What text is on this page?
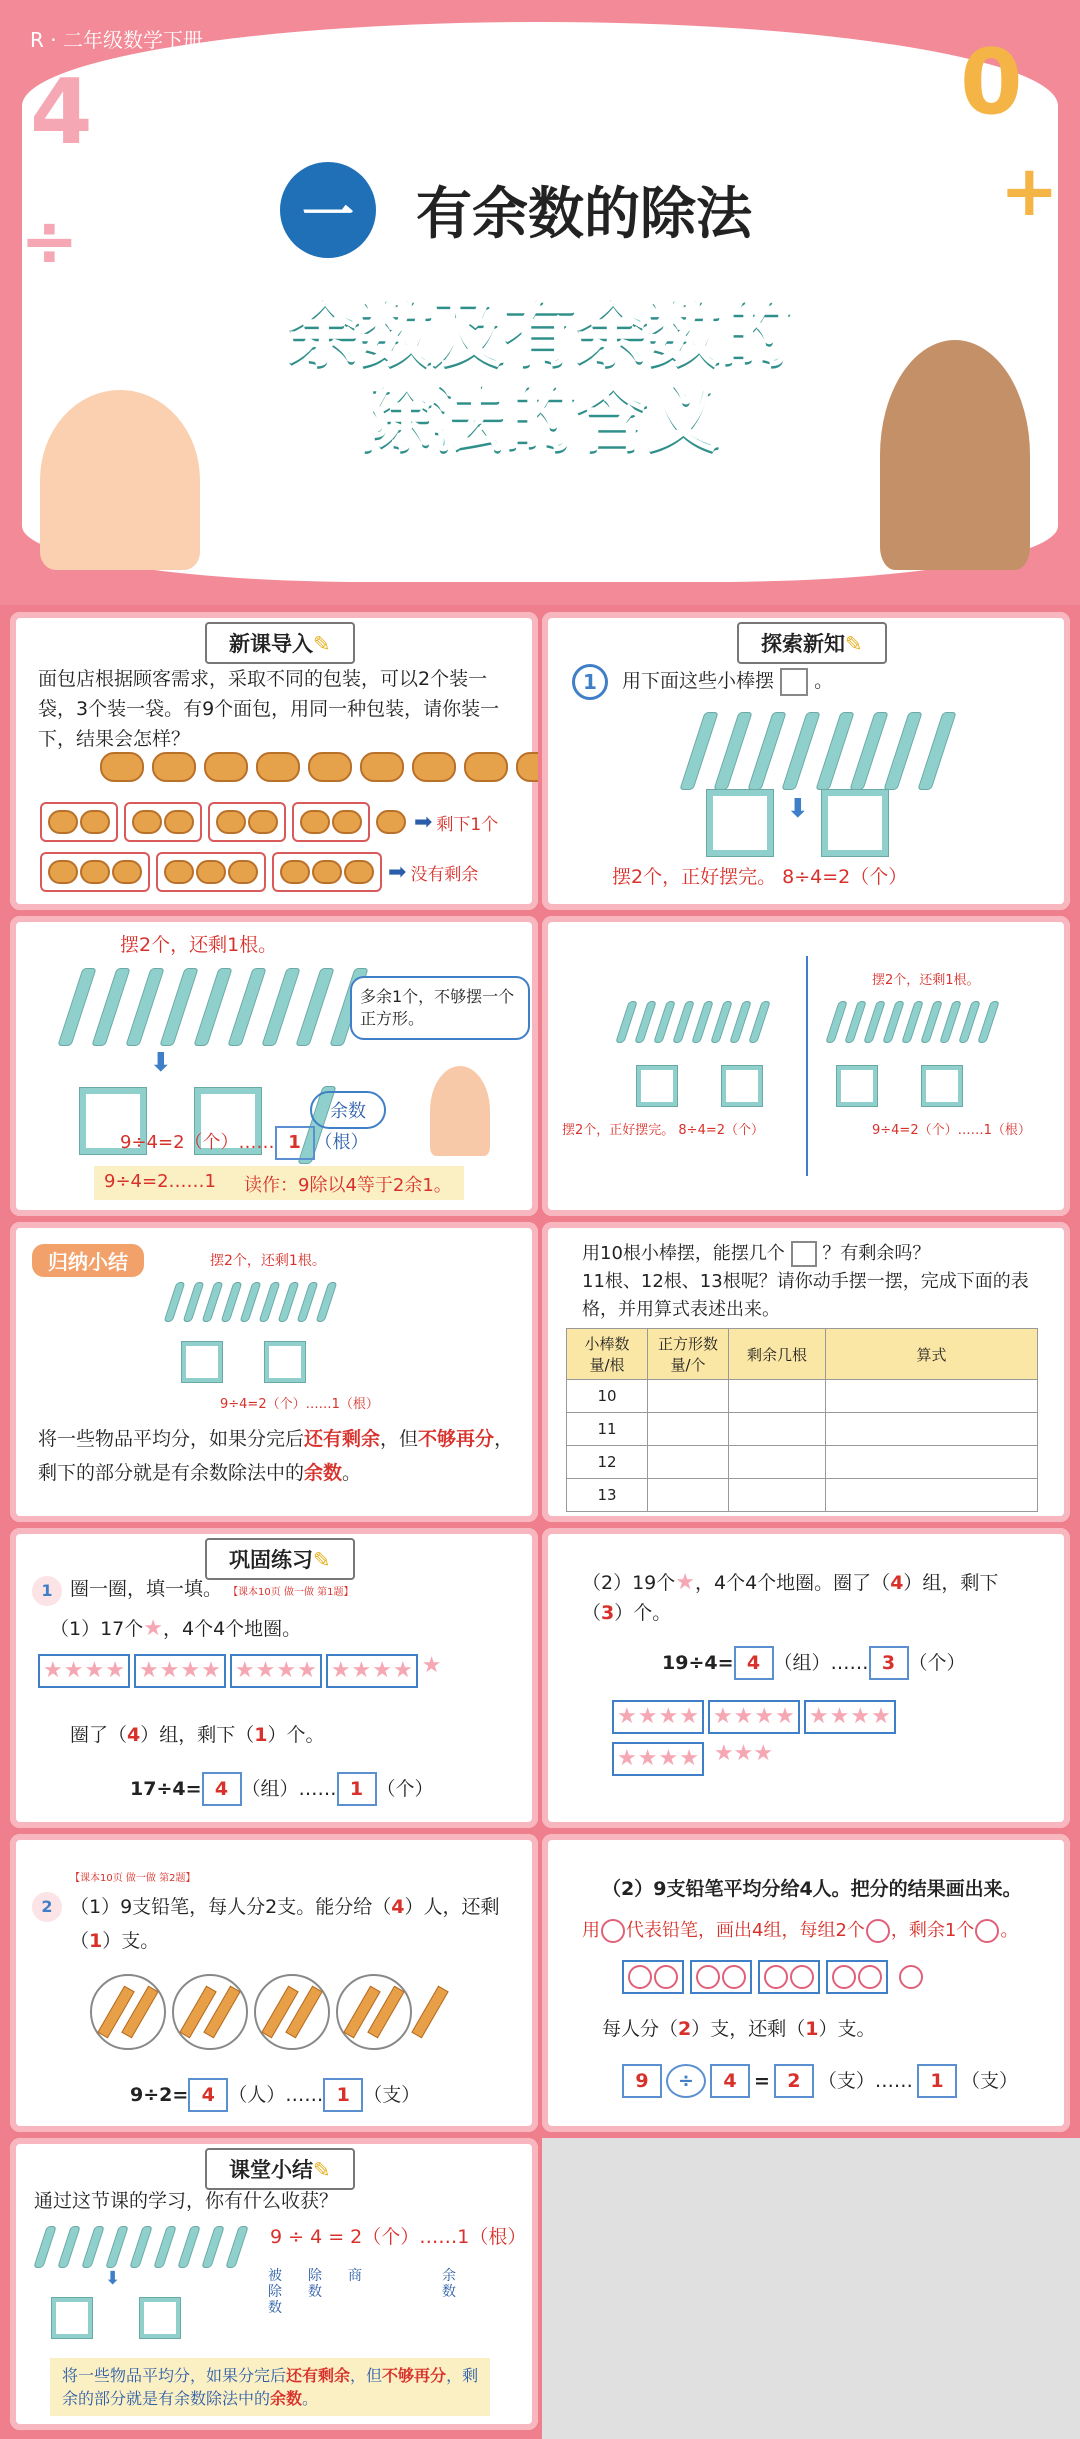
R · 二年级数学下册
4	0
+
÷	一	有余数的除法
余数及有余数的
除法的含义
新课导入✎
面包店根据顾客需求，采取不同的包装，可以2个装一袋，3个装一袋。有9个面包，用同一种包装，请你装一下，结果会怎样？
➡ 剩下1个
➡ 没有剩余
探索新知✎
1	用下面这些小棒摆  。
⬇
摆2个，正好摆完。 8÷4=2（个）
摆2个，还剩1根。
多余1个，不够摆一个正方形。
⬇
余数
9÷4=2（个）…… 1 （根）
9÷4=2……1 读作：9除以4等于2余1。
摆2个，还剩1根。
摆2个，正好摆完。 8÷4=2（个）	9÷4=2（个）……1（根）
归纳小结	摆2个，还剩1根。
9÷4=2（个）……1（根）
将一些物品平均分，如果分完后还有剩余，但不够再分，剩下的部分就是有余数除法中的余数。
用10根小棒摆，能摆几个 ？有剩余吗？
11根、12根、13根呢？请你动手摆一摆，完成下面的表格，并用算式表述出来。
小棒数量/根	正方形数量/个	剩余几根	算式
10			
11			
12			
13			
巩固练习✎
1 圈一圈，填一填。 【课本10页 做一做 第1题】
（1）17个★，4个4个地圈。
★ ★ ★ ★ ★ ★ ★ ★ ★ ★ ★ ★ ★ ★ ★ ★ ★
圈了（4）组，剩下（1）个。
17÷4= 4 （组）…… 1 （个）
（2）19个★，4个4个地圈。圈了（4）组，剩下
（3）个。
19÷4= 4 （组）…… 3 （个）
★ ★ ★ ★ ★ ★ ★ ★ ★ ★ ★ ★
★ ★ ★ ★ ★ ★ ★
【课本10页 做一做 第2题】
2 （1）9支铅笔，每人分2支。能分给（4）人，还剩（1）支。
9÷2= 4 （人）…… 1 （支）
（2）9支铅笔平均分给4人。把分的结果画出来。
用 代表铅笔，画出4组，每组2个 ，剩余1个 。
每人分（2）支，还剩（1）支。
9	÷	4 = 2 （支）…… 1 （支）
课堂小结✎
通过这节课的学习，你有什么收获？
⬇
9 ÷ 4 = 2（个）……1（根）
被除数
除数
商	余数
将一些物品平均分，如果分完后还有剩余，但不够再分，剩余的部分就是有余数除法中的余数。
